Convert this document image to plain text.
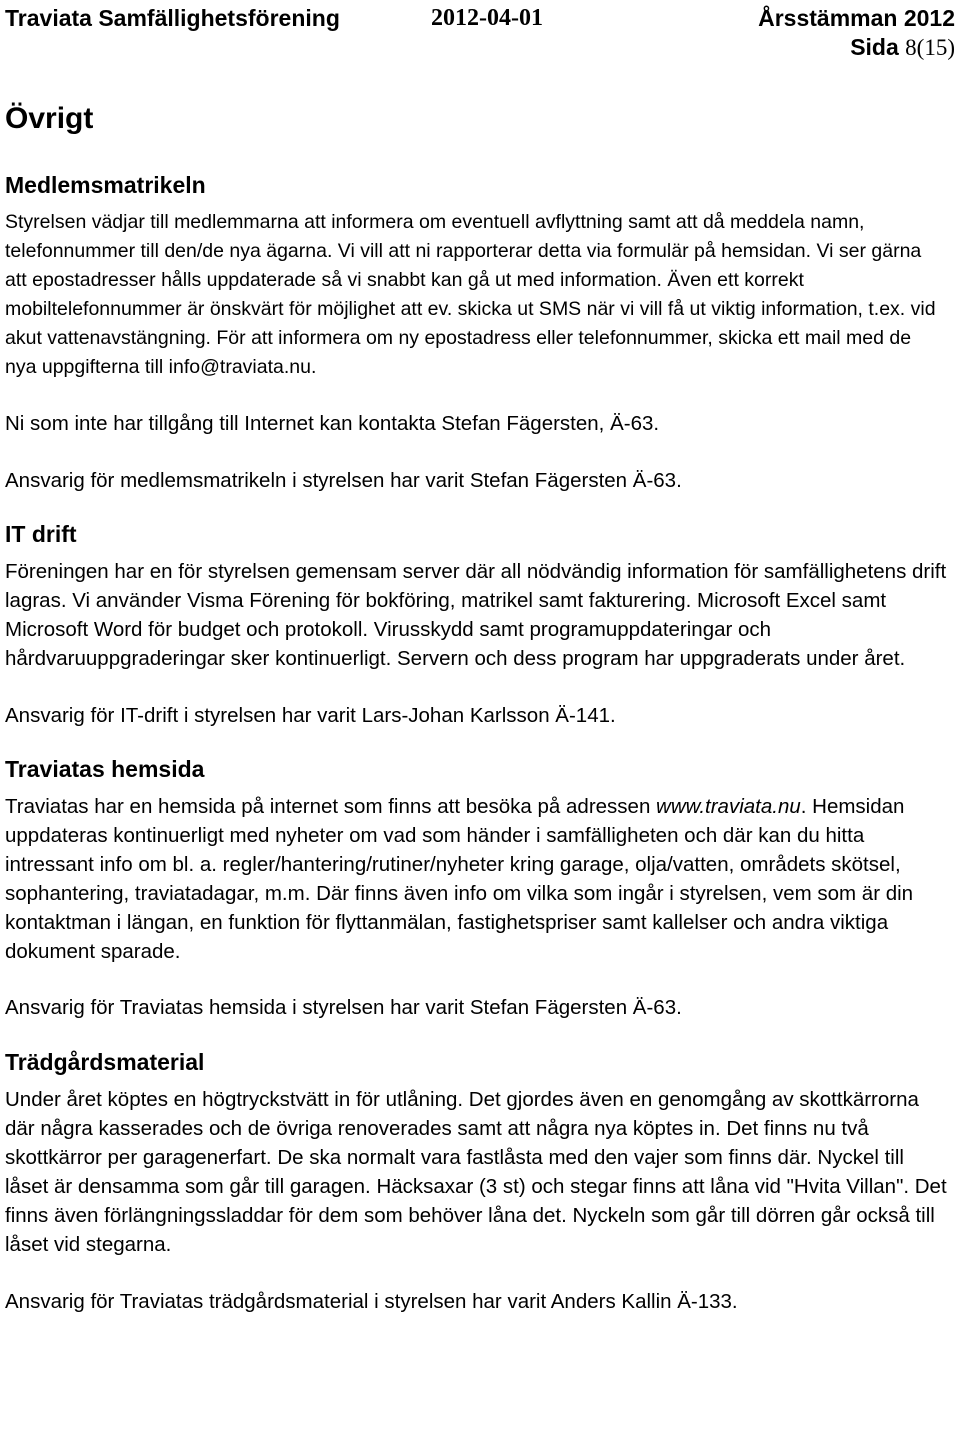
Traviata Samfällighetsförening	2012-04-01	Årsstämman 2012
Sida 8(15)
Övrigt
Medlemsmatrikeln

Styrelsen vädjar till medlemmarna att informera om eventuell avflyttning samt att då meddela namn, telefonnummer till den/de nya ägarna. Vi vill att ni rapporterar detta via formulär på hemsidan. Vi ser gärna att epostadresser hålls uppdaterade så vi snabbt kan gå ut med information. Även ett korrekt mobiltelefonnummer är önskvärt för möjlighet att ev. skicka ut SMS när vi vill få ut viktig information, t.ex. vid akut vattenavstängning. För att informera om ny epostadress eller telefonnummer, skicka ett mail med de nya uppgifterna till info@traviata.nu.

Ni som inte har tillgång till Internet kan kontakta Stefan Fägersten, Ä-63.

Ansvarig för medlemsmatrikeln i styrelsen har varit Stefan Fägersten Ä-63.

IT drift

Föreningen har en för styrelsen gemensam server där all nödvändig information för samfällighetens drift lagras. Vi använder Visma Förening för bokföring, matrikel samt fakturering. Microsoft Excel samt Microsoft Word för budget och protokoll. Virusskydd samt programuppdateringar och hårdvaruuppgraderingar sker kontinuerligt. Servern och dess program har uppgraderats under året.

Ansvarig för IT-drift i styrelsen har varit Lars-Johan Karlsson Ä-141.

Traviatas hemsida

Traviatas har en hemsida på internet som finns att besöka på adressen www.traviata.nu. Hemsidan uppdateras kontinuerligt med nyheter om vad som händer i samfälligheten och där kan du hitta intressant info om bl. a. regler/hantering/rutiner/nyheter kring garage, olja/vatten, områdets skötsel, sophantering, traviatadagar, m.m. Där finns även info om vilka som ingår i styrelsen, vem som är din kontaktman i längan, en funktion för flyttanmälan, fastighetspriser samt kallelser och andra viktiga dokument sparade.

Ansvarig för Traviatas hemsida i styrelsen har varit Stefan Fägersten Ä-63.

Trädgårdsmaterial

Under året köptes en högtryckstvätt in för utlåning. Det gjordes även en genomgång av skottkärrorna där några kasserades och de övriga renoverades samt att några nya köptes in. Det finns nu två skottkärror per garagenerfart. De ska normalt vara fastlåsta med den vajer som finns där. Nyckel till låset är densamma som går till garagen. Häcksaxar (3 st) och stegar finns att låna vid "Hvita Villan". Det finns även förlängningssladdar för dem som behöver låna det. Nyckeln som går till dörren går också till låset vid stegarna.

Ansvarig för Traviatas trädgårdsmaterial i styrelsen har varit Anders Kallin Ä-133.
